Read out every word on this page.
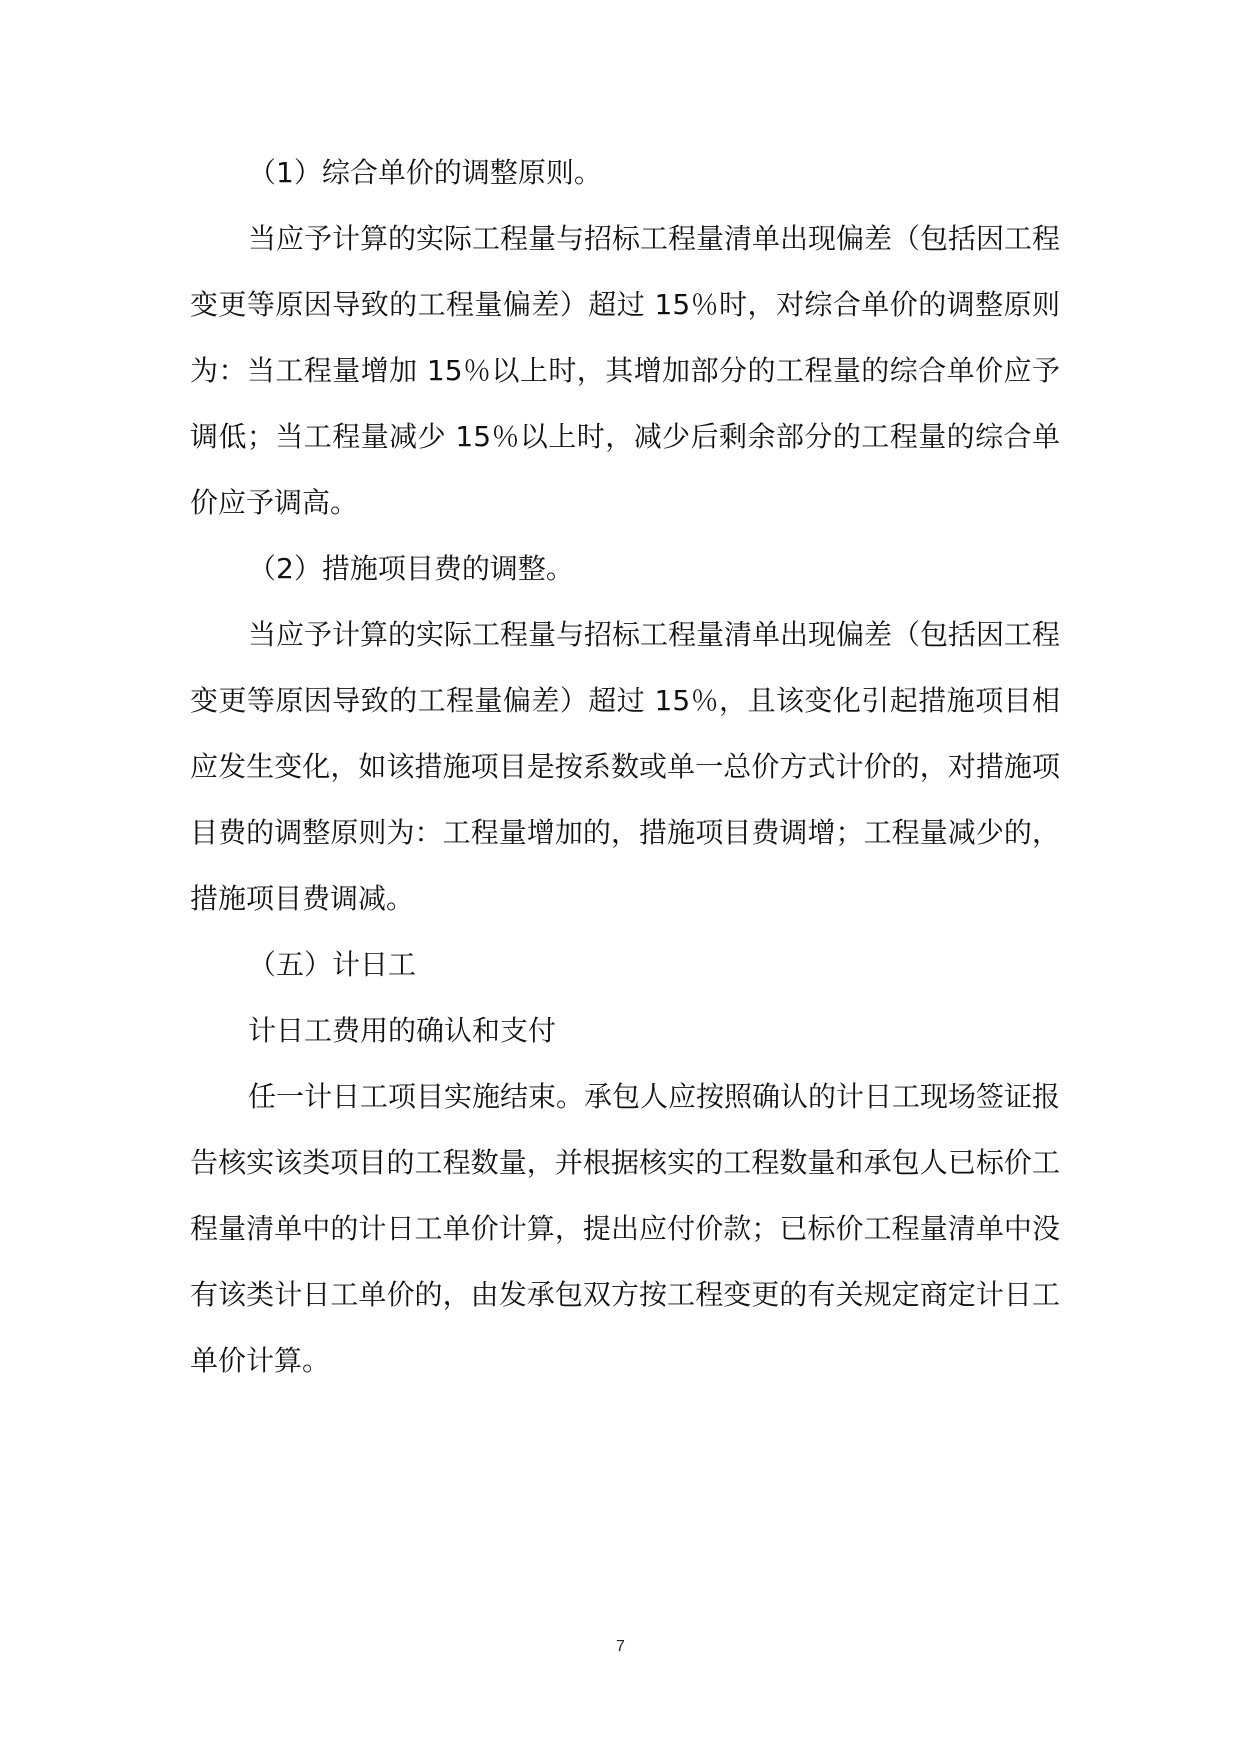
（1）综合单价的调整原则。

当应予计算的实际工程量与招标工程量清单出现偏差（包括因工程变更等原因导致的工程量偏差）超过 15％时，对综合单价的调整原则为：当工程量增加 15％以上时，其增加部分的工程量的综合单价应予调低；当工程量减少 15％以上时，减少后剩余部分的工程量的综合单价应予调高。

（2）措施项目费的调整。

当应予计算的实际工程量与招标工程量清单出现偏差（包括因工程变更等原因导致的工程量偏差）超过 15％，且该变化引起措施项目相应发生变化，如该措施项目是按系数或单一总价方式计价的，对措施项目费的调整原则为：工程量增加的，措施项目费调增；工程量减少的，措施项目费调减。

（五）计日工

计日工费用的确认和支付

任一计日工项目实施结束。承包人应按照确认的计日工现场签证报告核实该类项目的工程数量，并根据核实的工程数量和承包人已标价工程量清单中的计日工单价计算，提出应付价款；已标价工程量清单中没有该类计日工单价的，由发承包双方按工程变更的有关规定商定计日工单价计算。

7
